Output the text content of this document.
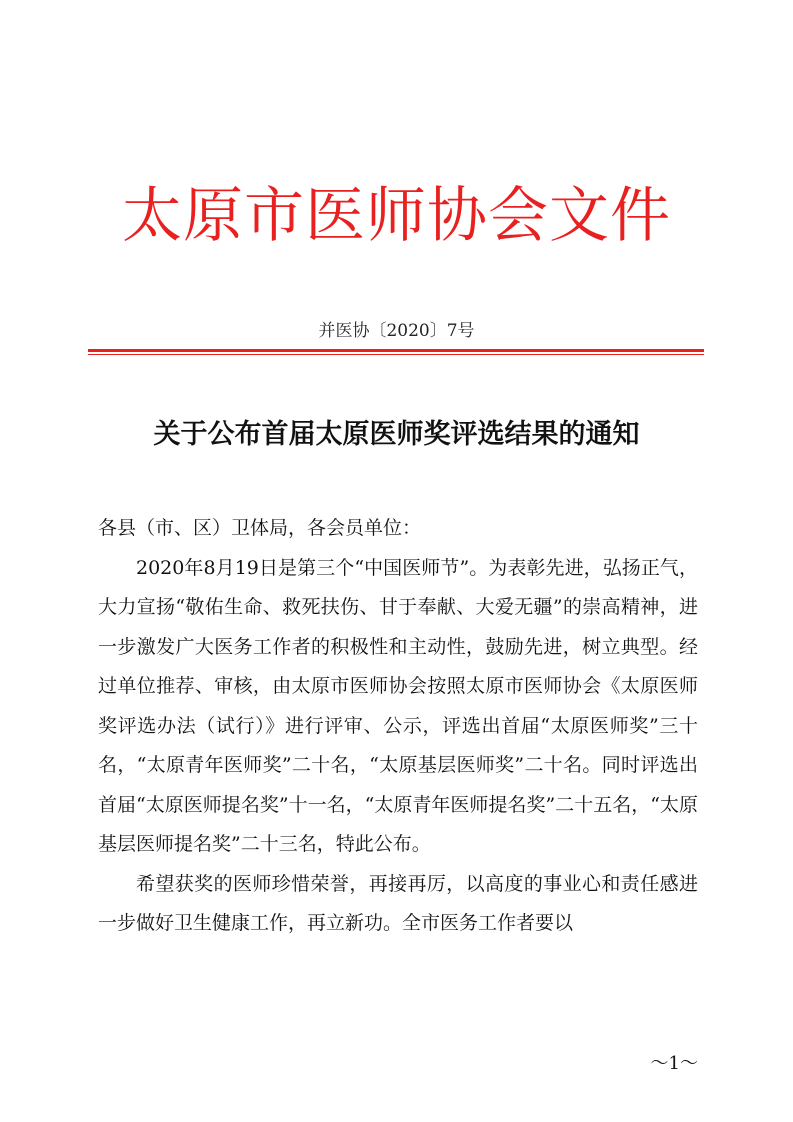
太原市医师协会文件
并医协〔2020〕7号
关于公布首届太原医师奖评选结果的通知

各县（市、区）卫体局，各会员单位：

2020年8月19日是第三个“中国医师节”。为表彰先进，弘扬正气，大力宣扬“敬佑生命、救死扶伤、甘于奉献、大爱无疆”的崇高精神，进一步激发广大医务工作者的积极性和主动性，鼓励先进，树立典型。经过单位推荐、审核，由太原市医师协会按照太原市医师协会《太原医师奖评选办法（试行）》进行评审、公示，评选出首届“太原医师奖”三十名，“太原青年医师奖”二十名，“太原基层医师奖”二十名。同时评选出首届“太原医师提名奖”十一名，“太原青年医师提名奖”二十五名，“太原基层医师提名奖”二十三名，特此公布。

希望获奖的医师珍惜荣誉，再接再厉，以高度的事业心和责任感进一步做好卫生健康工作，再立新功。全市医务工作者要以

～1～
